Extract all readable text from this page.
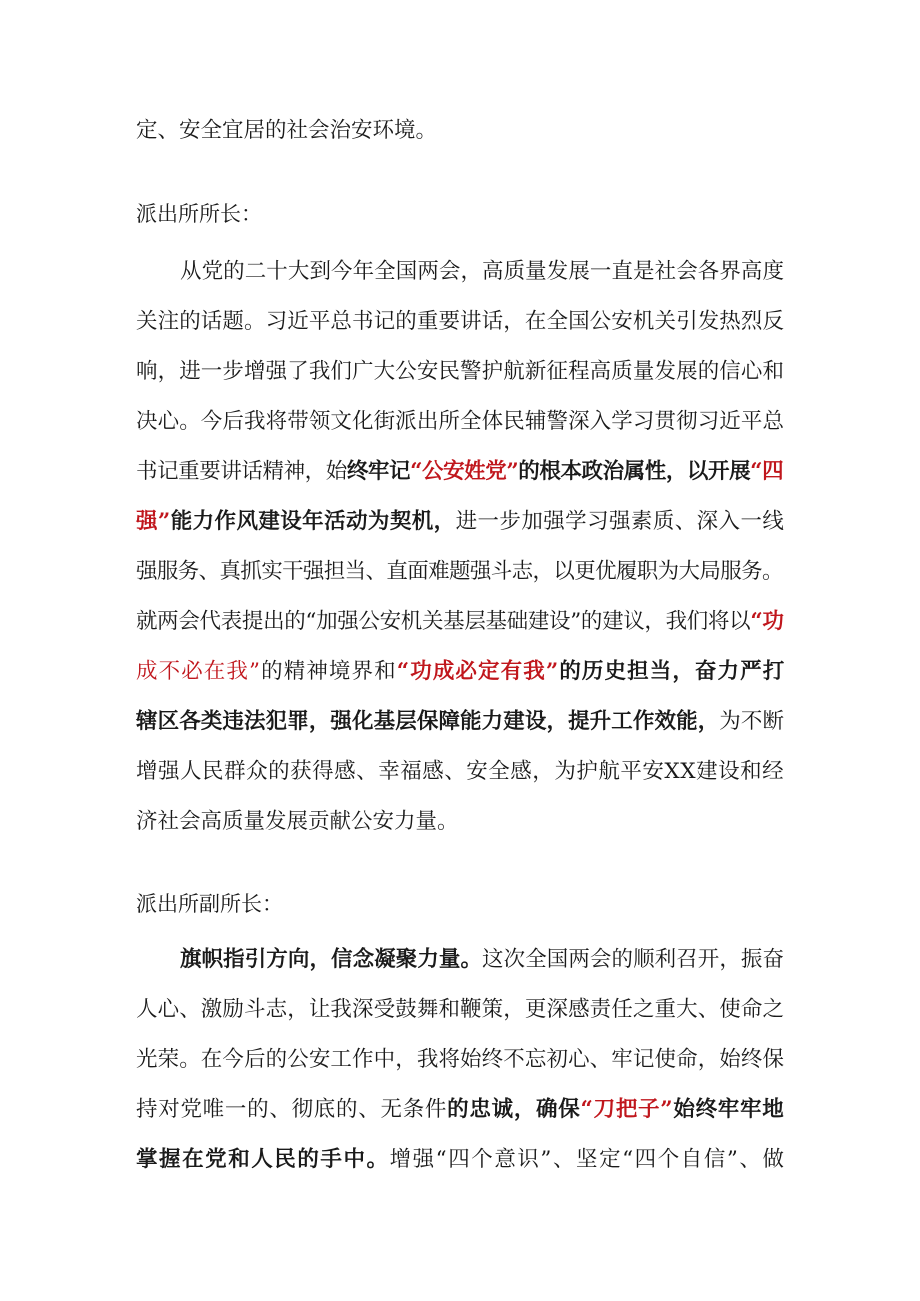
定、安全宜居的社会治安环境。
派出所所长：
从党的二十大到今年全国两会，高质量发展一直是社会各界高度
关注的话题。习近平总书记的重要讲话，在全国公安机关引发热烈反
响，进一步增强了我们广大公安民警护航新征程高质量发展的信心和
决心。今后我将带领文化街派出所全体民辅警深入学习贯彻习近平总
书记重要讲话精神，始终牢记“公安姓党”的根本政治属性，以开展“四
强”能力作风建设年活动为契机，进一步加强学习强素质、深入一线
强服务、真抓实干强担当、直面难题强斗志，以更优履职为大局服务。
就两会代表提出的“加强公安机关基层基础建设”的建议，我们将以“功
成不必在我”的精神境界和“功成必定有我”的历史担当，奋力严打
辖区各类违法犯罪，强化基层保障能力建设，提升工作效能，为不断
增强人民群众的获得感、幸福感、安全感，为护航平安XX建设和经
济社会高质量发展贡献公安力量。
派出所副所长：
旗帜指引方向，信念凝聚力量。这次全国两会的顺利召开，振奋
人心、激励斗志，让我深受鼓舞和鞭策，更深感责任之重大、使命之
光荣。在今后的公安工作中，我将始终不忘初心、牢记使命，始终保
持对党唯一的、彻底的、无条件的忠诚，确保“刀把子”始终牢牢地
掌握在党和人民的手中。增强“四个意识”、坚定“四个自信”、做
